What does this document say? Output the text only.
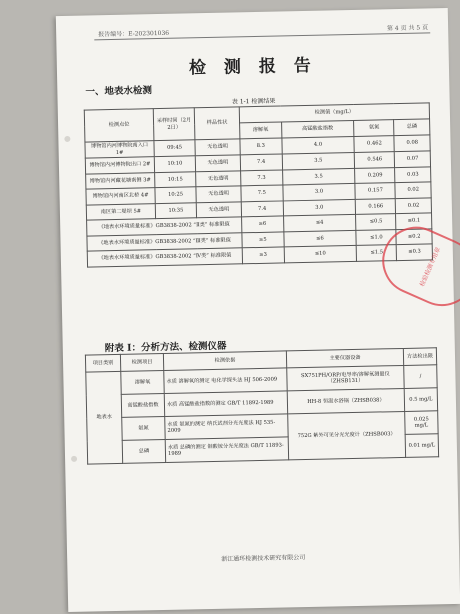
报告编号：E-202301036
第 4 页 共 5 页
检 测 报 告
一、地表水检测
表 1-1 检测结果
检测点位	采样时间（2月2日）	样品性状	检测值（mg/L）			
			溶解氧	高锰酸盐指数	氨氮	总磷
博物馆内河博物院南入口 1#	09:45	无色透明	8.3	4.0	0.462	0.08
博物馆内河博物院出口 2#	10:10	无色透明	7.4	3.5	0.546	0.07
博物馆内河藏花塘南侧 3#	10:15	无色透明	7.3	3.5	0.209	0.03
博物馆内河南区北桥 4#	10:25	无色透明	7.5	3.0	0.157	0.02
南区第二堤坝 5#	10:35	无色透明	7.4	3.0	0.166	0.02
《地表水环境质量标准》GB3838-2002 “Ⅱ类” 标准限值			≥6	≤4	≤0.5	≤0.1
《地表水环境质量标准》GB3838-2002 “Ⅲ类” 标准限值			≥5	≤6	≤1.0	≤0.2
《地表水环境质量标准》GB3838-2002 “Ⅳ类” 标准限值			≥3	≤10	≤1.5	≤0.3
附表 I：分析方法、检测仪器
项目类别	检测项目	检测依据	主要仪器设备	方法检出限
地表水	溶解氧	水质 溶解氧的测定 电化学探头法 HJ 506-2009	SX751PH/ORP/电导率/溶解氧测量仪（ZHSB131）	/
	高锰酸盐指数	水质 高锰酸盐指数的测定 GB/T 11892-1989	HH-8 恒温水浴锅（ZHSB038）	0.5 mg/L
	氨氮	水质 氨氮的测定 纳氏试剂分光光度法 HJ 535-2009	752G 紫外可见分光光度计（ZHSB003）	0.025 mg/L
	总磷	水质 总磷的测定 钼酸铵分光光度法 GB/T 11893-1989		0.01 mg/L
检验检测专用章
浙江通环检测技术研究有限公司
